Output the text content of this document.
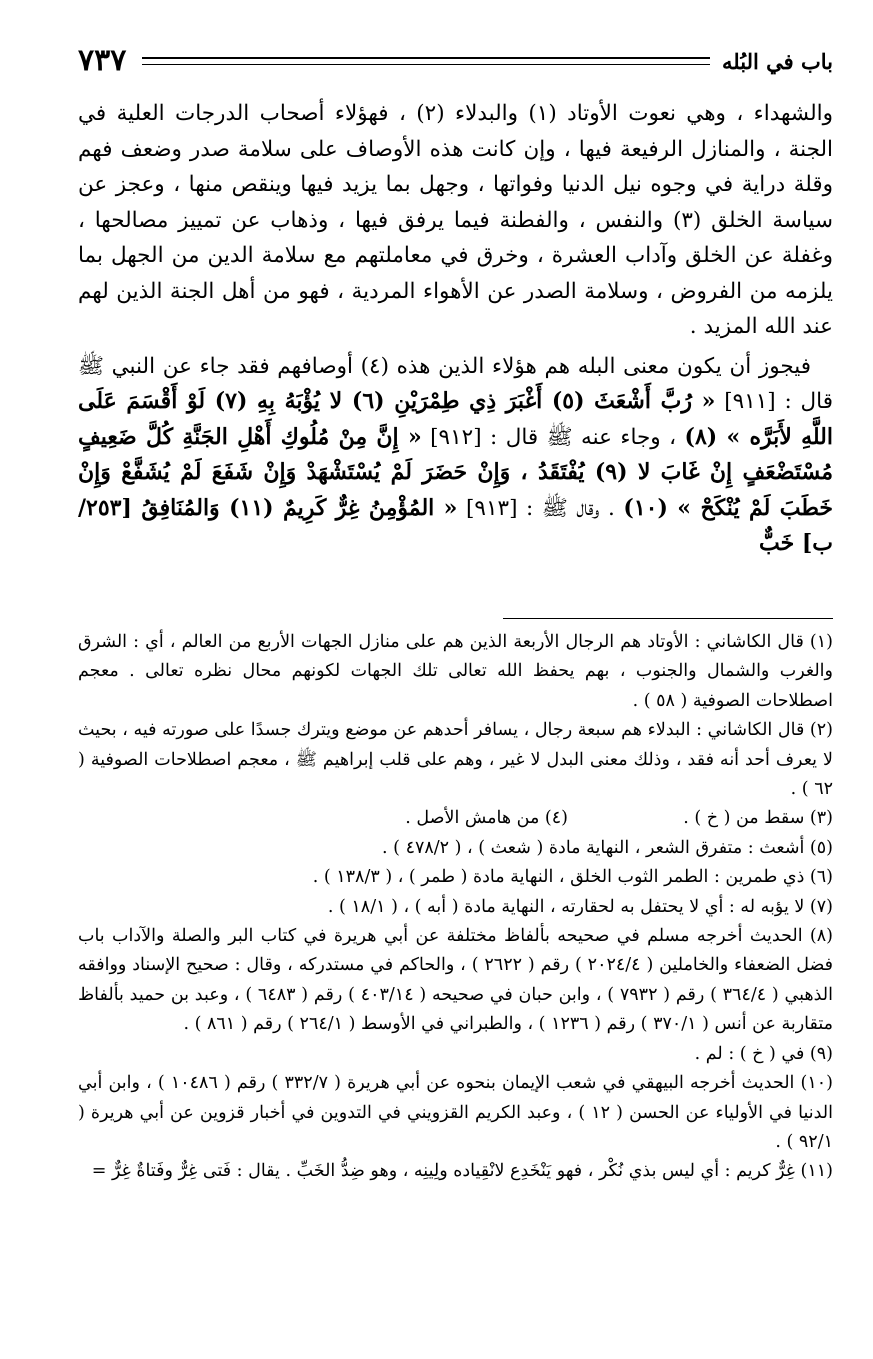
٧٣٧	باب في البُله

والشهداء ، وهي نعوت الأوتاد (١) والبدلاء (٢) ، فهؤلاء أصحاب الدرجات العلية في الجنة ، والمنازل الرفيعة فيها ، وإن كانت هذه الأوصاف على سلامة صدر وضعف فهم وقلة دراية في وجوه نيل الدنيا وفواتها ، وجهل بما يزيد فيها وينقص منها ، وعجز عن سياسة الخلق (٣) والنفس ، والفطنة فيما يرفق فيها ، وذهاب عن تمييز مصالحها ، وغفلة عن الخلق وآداب العشرة ، وخرق في معاملتهم مع سلامة الدين من الجهل بما يلزمه من الفروض ، وسلامة الصدر عن الأهواء المردية ، فهو من أهل الجنة الذين لهم عند الله المزيد .

فيجوز أن يكون معنى البله هم هؤلاء الذين هذه (٤) أوصافهم فقد جاء عن النبي ﷺ قال : [٩١١] « رُبَّ أَشْعَثَ (٥) أَغْبَرَ ذِي طِمْرَيْنِ (٦) لا يُؤْبَهُ بِهِ (٧) لَوْ أَقْسَمَ عَلَى اللَّهِ لأَبَرَّه » (٨) ، وجاء عنه ﷺ قال : [٩١٢] « إِنَّ مِنْ مُلُوكِ أَهْلِ الجَنَّةِ كُلَّ ضَعِيفٍ مُسْتَضْعَفٍ إِنْ غَابَ لا (٩) يُفْتَقَدُ ، وَإِنْ حَضَرَ لَمْ يُسْتَشْهَدْ وَإِنْ شَفَعَ لَمْ يُشَفَّعْ وَإِنْ خَطَبَ لَمْ يُنْكَحْ » (١٠) . وقال ﷺ : [٩١٣] « المُؤْمِنُ غِرٌّ كَرِيمٌ (١١) وَالمُنَافِقُ [٢٥٣/ب] خَبٌّ

(١) قال الكاشاني : الأوتاد هم الرجال الأربعة الذين هم على منازل الجهات الأربع من العالم ، أي : الشرق والغرب والشمال والجنوب ، بهم يحفظ الله تعالى تلك الجهات لكونهم محال نظره تعالى . معجم اصطلاحات الصوفية ( ٥٨ ) .

(٢) قال الكاشاني : البدلاء هم سبعة رجال ، يسافر أحدهم عن موضع ويترك جسدًا على صورته فيه ، بحيث لا يعرف أحد أنه فقد ، وذلك معنى البدل لا غير ، وهم على قلب إبراهيم ﷺ ، معجم اصطلاحات الصوفية ( ٦٢ ) .

(٣) سقط من ( خ ) .
(٤) من هامش الأصل .

(٥) أشعث : متفرق الشعر ، النهاية مادة ( شعث ) ، ( ٤٧٨/٢ ) .

(٦) ذي طمرين : الطمر الثوب الخلق ، النهاية مادة ( طمر ) ، ( ١٣٨/٣ ) .

(٧) لا يؤبه له : أي لا يحتفل به لحقارته ، النهاية مادة ( أبه ) ، ( ١٨/١ ) .

(٨) الحديث أخرجه مسلم في صحيحه بألفاظ مختلفة عن أبي هريرة في كتاب البر والصلة والآداب باب فضل الضعفاء والخاملين ( ٢٠٢٤/٤ ) رقم ( ٢٦٢٢ ) ، والحاكم في مستدركه ، وقال : صحيح الإسناد ووافقه الذهبي ( ٣٦٤/٤ ) رقم ( ٧٩٣٢ ) ، وابن حبان في صحيحه ( ٤٠٣/١٤ ) رقم ( ٦٤٨٣ ) ، وعبد بن حميد بألفاظ متقاربة عن أنس ( ٣٧٠/١ ) رقم ( ١٢٣٦ ) ، والطبراني في الأوسط ( ٢٦٤/١ ) رقم ( ٨٦١ ) .

(٩) في ( خ ) : لم .

(١٠) الحديث أخرجه البيهقي في شعب الإيمان بنحوه عن أبي هريرة ( ٣٣٢/٧ ) رقم ( ١٠٤٨٦ ) ، وابن أبي الدنيا في الأولياء عن الحسن ( ١٢ ) ، وعبد الكريم القزويني في التدوين في أخبار قزوين عن أبي هريرة ( ٩٢/١ ) .

(١١) غِرٌّ كريم : أي ليس بذي نُكْر ، فهو يَنْخَدِع لانْقِياده ولِينِه ، وهو ضِدُّ الخَبِّ . يقال : فَتى غِرٌّ وفَتاةٌ غِرٌّ =
